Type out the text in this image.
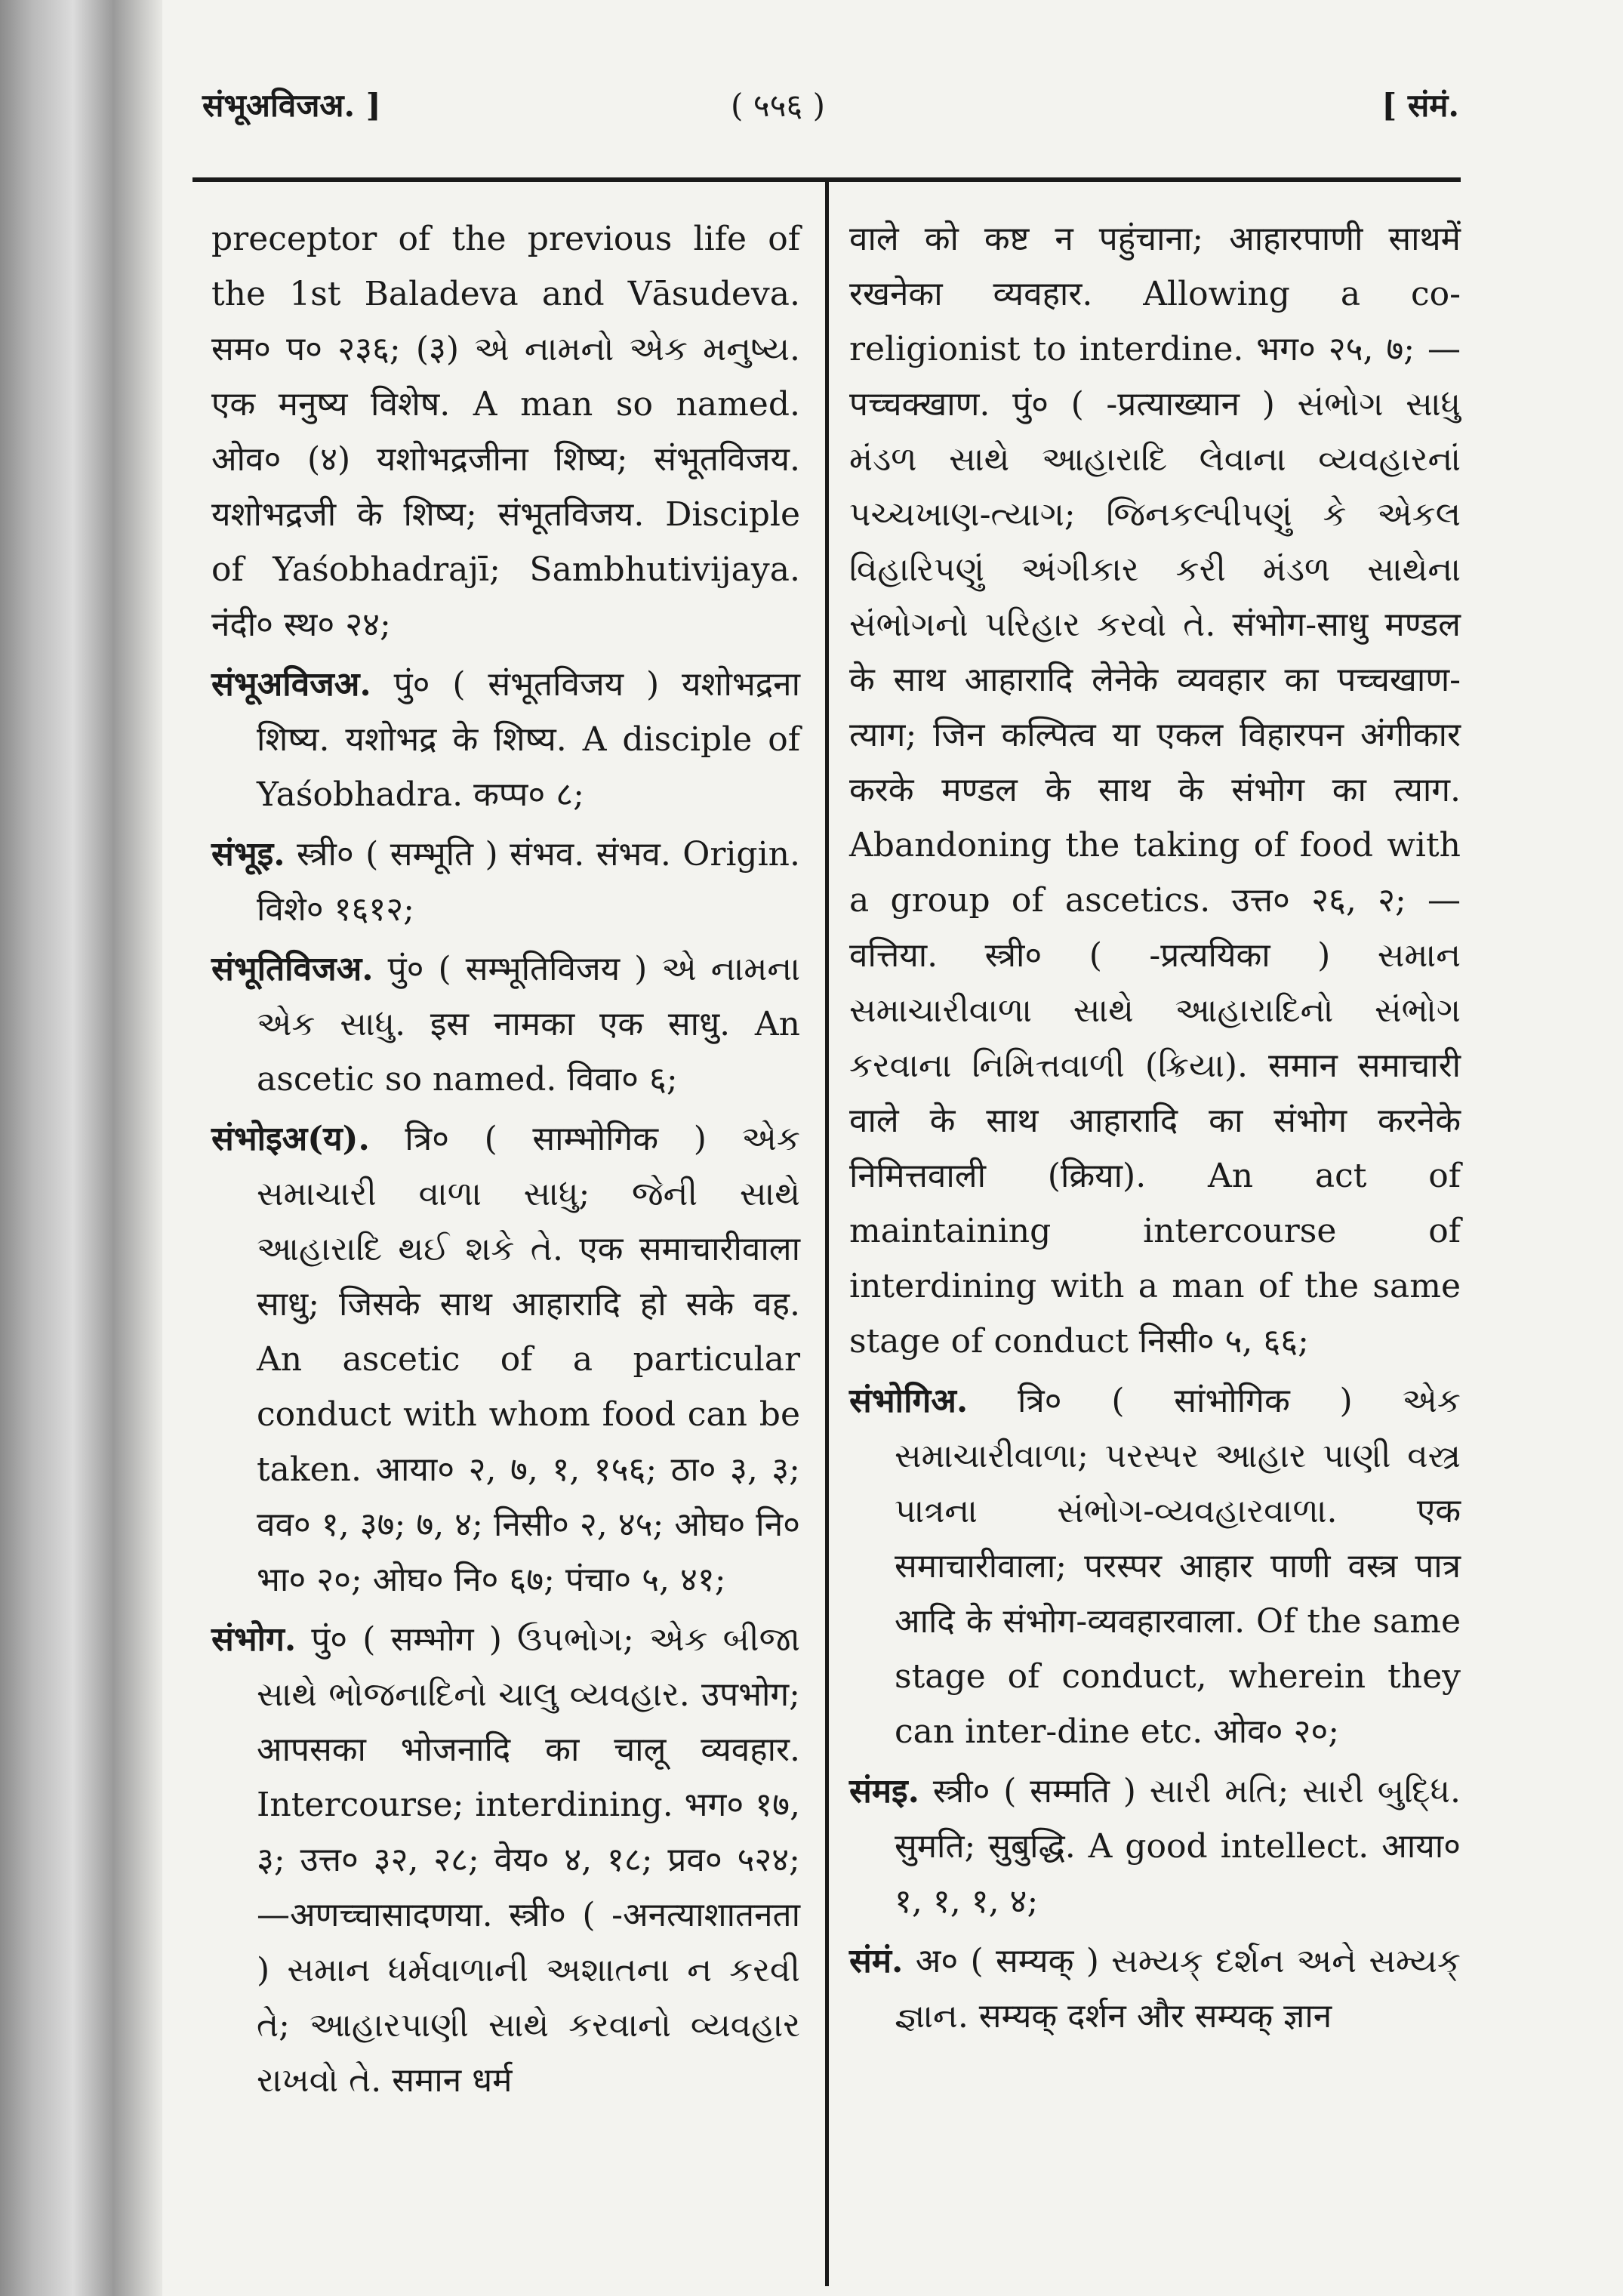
संभूअविजअ. ]	( ५५६ )	[ संमं.

preceptor of the previous life of the 1st Baladeva and Vāsudeva. सम० प० २३६; (३) એ નામનો એક મનુષ્ય. एक मनुष्य विशेष. A man so named. ओव० (४) यशोभद्रजीना शिष्य; संभूतविजय. यशोभद्रजी के शिष्य; संभूतविजय. Disciple of Yaśobhadrajī; Sambhutivijaya. नंदी० स्थ० २४;

संभूअविजअ. पुं० ( संभूतविजय ) यशोभद्रना शिष्य. यशोभद्र के शिष्य. A disciple of Yaśobhadra. कप्प० ८;

संभूइ. स्त्री० ( सम्भूति ) संभव. संभव. Origin. विशे० १६१२;

संभूतिविजअ. पुं० ( सम्भूतिविजय ) એ નામના એક સાધુ. इस नामका एक साधु. An ascetic so named. विवा० ६;

संभोइअ(य). त्रि० ( साम्भोगिक ) એક સમાચારી વાળા સાધુ; જેની સાથે આહારાદિ થઈ શકે તે. एक समाचारीवाला साधु; जिसके साथ आहारादि हो सके वह. An ascetic of a particular conduct with whom food can be taken. आया० २, ७, १, १५६; ठा० ३, ३; वव० १, ३७; ७, ४; निसी० २, ४५; ओघ० नि० भा० २०; ओघ० नि० ६७; पंचा० ५, ४१;

संभोग. पुं० ( सम्भोग ) ઉપભોગ; એક બીજા સાથે ભોજનાદિનો ચાલુ વ્યવહાર. उपभोग; आपसका भोजनादि का चालू व्यवहार. Intercourse; interdining. भग० १७, ३; उत्त० ३२, २८; वेय० ४, १८; प्रव० ५२४; —अणच्चासादणया. स्त्री० ( -अनत्याशातनता ) સમાન ધર્મવાળાની અશાતના ન કરવી તે; આહારપાણી સાથે કરવાનો વ્યવહાર રાખવો તે. समान धर्म

वाले को कष्ट न पहुंचाना; आहारपाणी साथमें रखनेका व्यवहार. Allowing a co-religionist to interdine. भग० २५, ७; —पच्चक्खाण. पुं० ( -प्रत्याख्यान ) સંભોગ સાધુ મંડળ સાથે આહારાદિ લેવાના વ્યવહારનાં પચ્ચખાણ-ત્યાગ; જિનકલ્પીપણું કે એકલ વિહારિપણું અંગીકાર કરી મંડળ સાથેના સંભોગનો પરિહાર કરવો તે. संभोग-साधु मण्डल के साथ आहारादि लेनेके व्यवहार का पच्चखाण-त्याग; जिन कल्पित्व या एकल विहारपन अंगीकार करके मण्डल के साथ के संभोग का त्याग. Abandoning the taking of food with a group of ascetics. उत्त० २६, २; —वत्तिया. स्त्री० ( -प्रत्ययिका ) સમાન સમાચારીવાળા સાથે આહારાદિનો સંભોગ કરવાના નિમિત્તવાળી (ક્રિયા). समान समाचारी वाले के साथ आहारादि का संभोग करनेके निमित्तवाली (क्रिया). An act of maintaining intercourse of interdining with a man of the same stage of conduct निसी० ५, ६६;

संभोगिअ. त्रि० ( सांभोगिक ) એક સમાચારીવાળા; પરસ્પર આહાર પાણી વસ્ત્ર પાત્રના સંભોગ-વ્યવહારવાળા. एक समाचारीवाला; परस्पर आहार पाणी वस्त्र पात्र आदि के संभोग-व्यवहारवाला. Of the same stage of conduct, wherein they can inter-dine etc. ओव० २०;

संमइ. स्त्री० ( सम्मति ) સારી મતિ; સારી બુદ્ધિ. सुमति; सुबुद्धि. A good intellect. आया० १, १, १, ४;

संमं. अ० ( सम्यक् ) સમ્યક્ દર્શન અને સમ્યક્ જ્ઞાન. सम्यक् दर्शन और सम्यक् ज्ञान
